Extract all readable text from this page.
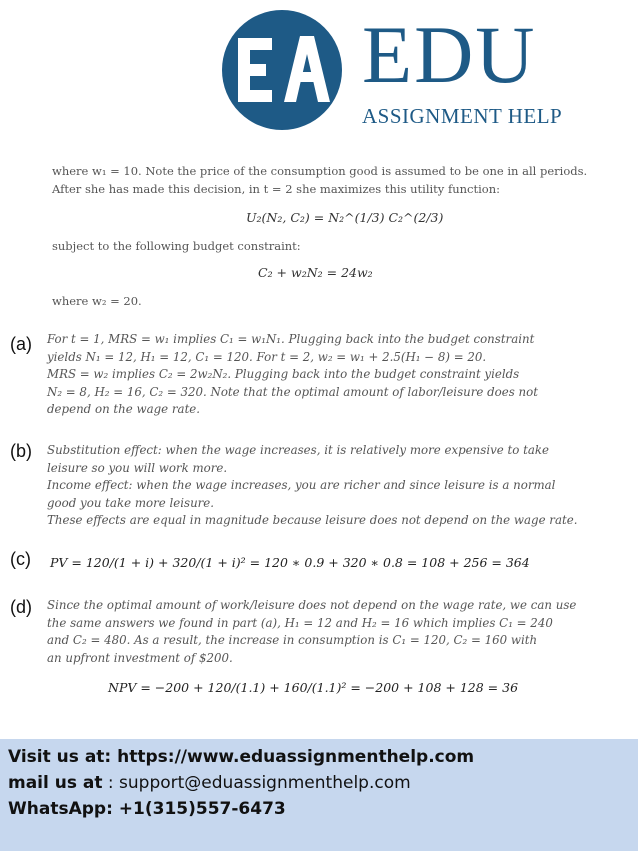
EDU
ASSIGNMENT HELP
where w₁ = 10. Note the price of the consumption good is assumed to be one in all periods.
After she has made this decision, in t = 2 she maximizes this utility function:
U₂(N₂, C₂) = N₂^(1/3) C₂^(2/3)
subject to the following budget constraint:
C₂ + w₂N₂ = 24w₂
where w₂ = 20.
(a) For t = 1, MRS = w₁ implies C₁ = w₁N₁. Plugging back into the budget constraint
yields N₁ = 12, H₁ = 12, C₁ = 120. For t = 2, w₂ = w₁ + 2.5(H₁ − 8) = 20.
MRS = w₂ implies C₂ = 2w₂N₂. Plugging back into the budget constraint yields
N₂ = 8, H₂ = 16, C₂ = 320. Note that the optimal amount of labor/leisure does not
depend on the wage rate.
(b) Substitution effect: when the wage increases, it is relatively more expensive to take
leisure so you will work more.
Income effect: when the wage increases, you are richer and since leisure is a normal
good you take more leisure.
These effects are equal in magnitude because leisure does not depend on the wage rate.
(c) PV = 120/(1 + i) + 320/(1 + i)² = 120 ∗ 0.9 + 320 ∗ 0.8 = 108 + 256 = 364
(d) Since the optimal amount of work/leisure does not depend on the wage rate, we can use
the same answers we found in part (a), H₁ = 12 and H₂ = 16 which implies C₁ = 240
and C₂ = 480. As a result, the increase in consumption is C₁ = 120, C₂ = 160 with
an upfront investment of $200.
NPV = −200 + 120/(1.1) + 160/(1.1)² = −200 + 108 + 128 = 36
Visit us at: https://www.eduassignmenthelp.com
mail us at : support@eduassignmenthelp.com
WhatsApp: +1(315)557-6473
